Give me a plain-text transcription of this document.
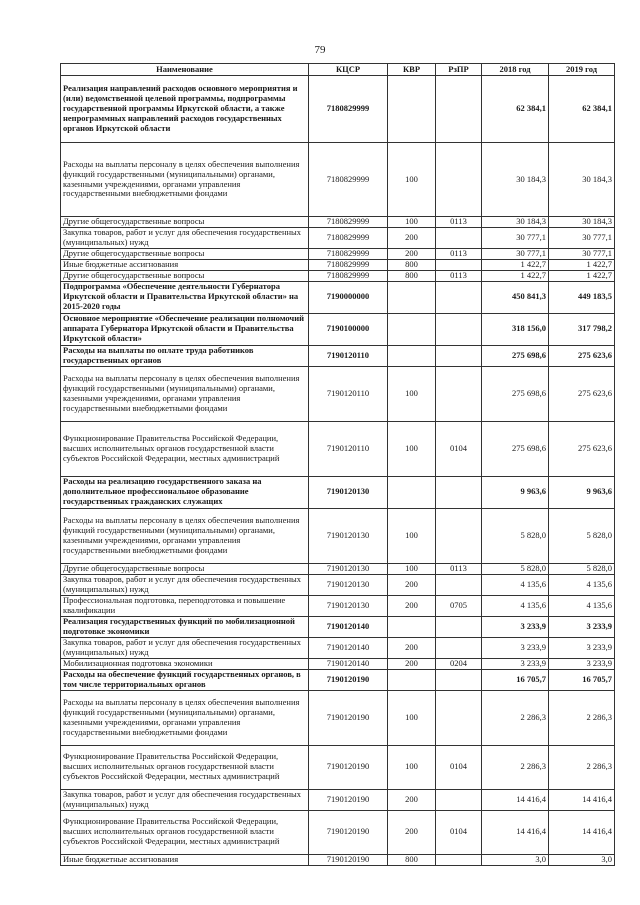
79
Наименование	КЦСР	КВР	РзПР	2018 год	2019 год
Реализация направлений расходов основного мероприятия и (или) ведомственной целевой программы, подпрограммы государственной программы Иркутской области, а также непрограммных направлений расходов государственных органов Иркутской области	7180829999			62 384,1	62 384,1
Расходы на выплаты персоналу в целях обеспечения выполнения функций государственными (муниципальными) органами, казенными учреждениями, органами управления государственными внебюджетными фондами	7180829999	100		30 184,3	30 184,3
Другие общегосударственные вопросы	7180829999	100	0113	30 184,3	30 184,3
Закупка товаров, работ и услуг для обеспечения государственных (муниципальных) нужд	7180829999	200		30 777,1	30 777,1
Другие общегосударственные вопросы	7180829999	200	0113	30 777,1	30 777,1
Иные бюджетные ассигнования	7180829999	800		1 422,7	1 422,7
Другие общегосударственные вопросы	7180829999	800	0113	1 422,7	1 422,7
Подпрограмма «Обеспечение деятельности Губернатора Иркутской области и Правительства Иркутской области» на 2015-2020 годы	7190000000			450 841,3	449 183,5
Основное мероприятие «Обеспечение реализации полномочий аппарата Губернатора Иркутской области и Правительства Иркутской области»	7190100000			318 156,0	317 798,2
Расходы на выплаты по оплате труда работников государственных органов	7190120110			275 698,6	275 623,6
Расходы на выплаты персоналу в целях обеспечения выполнения функций государственными (муниципальными) органами, казенными учреждениями, органами управления государственными внебюджетными фондами	7190120110	100		275 698,6	275 623,6
Функционирование Правительства Российской Федерации, высших исполнительных органов государственной власти субъектов Российской Федерации, местных администраций	7190120110	100	0104	275 698,6	275 623,6
Расходы на реализацию государственного заказа на дополнительное профессиональное образование государственных гражданских служащих	7190120130			9 963,6	9 963,6
Расходы на выплаты персоналу в целях обеспечения выполнения функций государственными (муниципальными) органами, казенными учреждениями, органами управления государственными внебюджетными фондами	7190120130	100		5 828,0	5 828,0
Другие общегосударственные вопросы	7190120130	100	0113	5 828,0	5 828,0
Закупка товаров, работ и услуг для обеспечения государственных (муниципальных) нужд	7190120130	200		4 135,6	4 135,6
Профессиональная подготовка, переподготовка и повышение квалификации	7190120130	200	0705	4 135,6	4 135,6
Реализация государственных функций по мобилизационной подготовке экономики	7190120140			3 233,9	3 233,9
Закупка товаров, работ и услуг для обеспечения государственных (муниципальных) нужд	7190120140	200		3 233,9	3 233,9
Мобилизационная подготовка экономики	7190120140	200	0204	3 233,9	3 233,9
Расходы на обеспечение функций государственных органов, в том числе территориальных органов	7190120190			16 705,7	16 705,7
Расходы на выплаты персоналу в целях обеспечения выполнения функций государственными (муниципальными) органами, казенными учреждениями, органами управления государственными внебюджетными фондами	7190120190	100		2 286,3	2 286,3
Функционирование Правительства Российской Федерации, высших исполнительных органов государственной власти субъектов Российской Федерации, местных администраций	7190120190	100	0104	2 286,3	2 286,3
Закупка товаров, работ и услуг для обеспечения государственных (муниципальных) нужд	7190120190	200		14 416,4	14 416,4
Функционирование Правительства Российской Федерации, высших исполнительных органов государственной власти субъектов Российской Федерации, местных администраций	7190120190	200	0104	14 416,4	14 416,4
Иные бюджетные ассигнования	7190120190	800		3,0	3,0
